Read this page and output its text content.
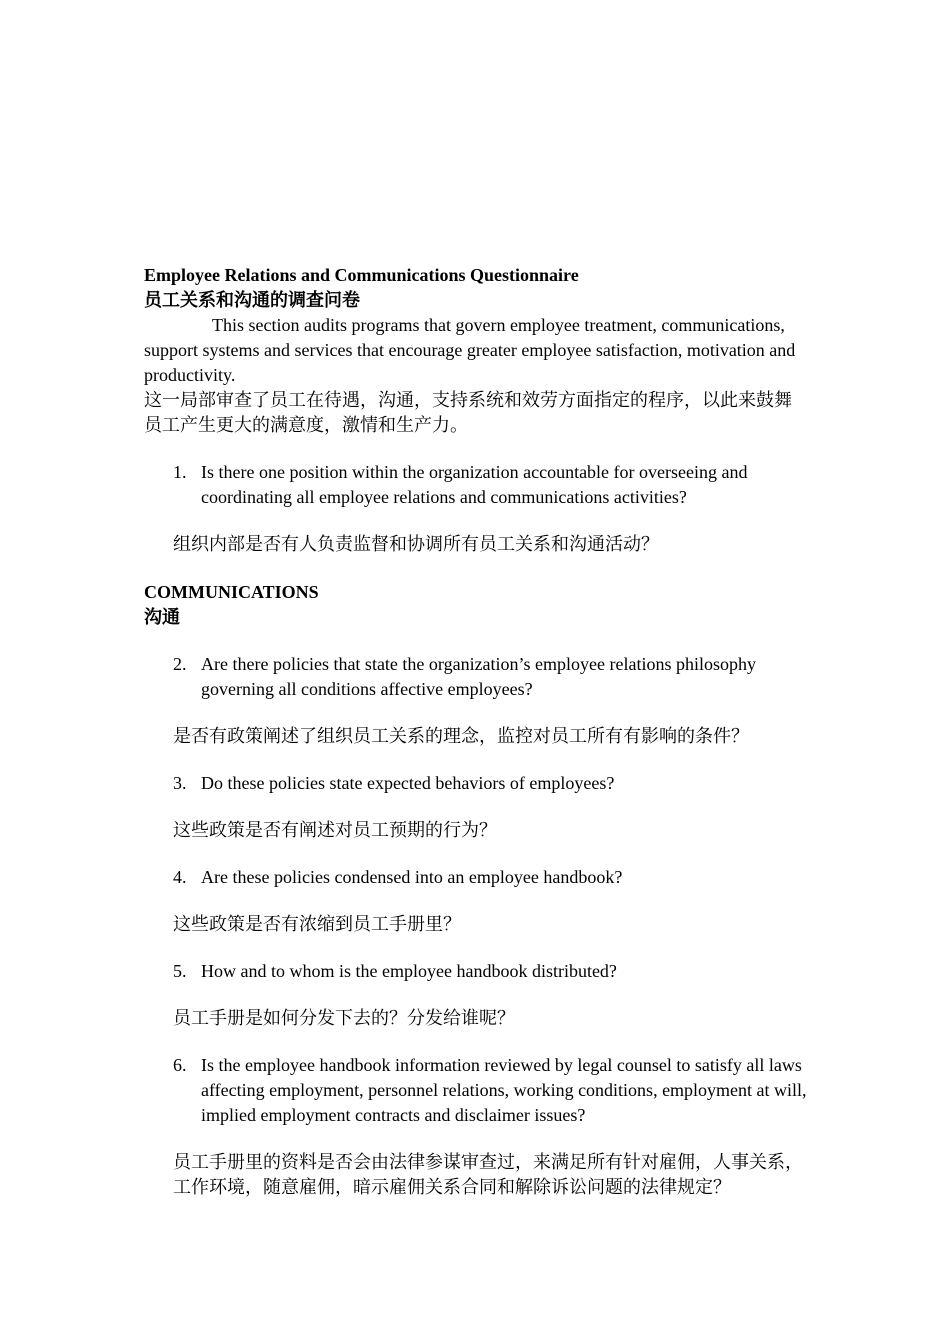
Employee Relations and Communications Questionnaire

员工关系和沟通的调查问卷

This section audits programs that govern employee treatment, communications, support systems and services that encourage greater employee satisfaction, motivation and productivity.

这一局部审查了员工在待遇，沟通，支持系统和效劳方面指定的程序，以此来鼓舞员工产生更大的满意度，激情和生产力。

1. Is there one position within the organization accountable for overseeing and coordinating all employee relations and communications activities?

组织内部是否有人负责监督和协调所有员工关系和沟通活动？

COMMUNICATIONS

沟通

2. Are there policies that state the organization’s employee relations philosophy governing all conditions affective employees?

是否有政策阐述了组织员工关系的理念，监控对员工所有有影响的条件？

3. Do these policies state expected behaviors of employees?

这些政策是否有阐述对员工预期的行为？

4. Are these policies condensed into an employee handbook?

这些政策是否有浓缩到员工手册里？

5. How and to whom is the employee handbook distributed?

员工手册是如何分发下去的？分发给谁呢？

6. Is the employee handbook information reviewed by legal counsel to satisfy all laws affecting employment, personnel relations, working conditions, employment at will, implied employment contracts and disclaimer issues?

员工手册里的资料是否会由法律参谋审查过，来满足所有针对雇佣，人事关系，工作环境，随意雇佣，暗示雇佣关系合同和解除诉讼问题的法律规定？
